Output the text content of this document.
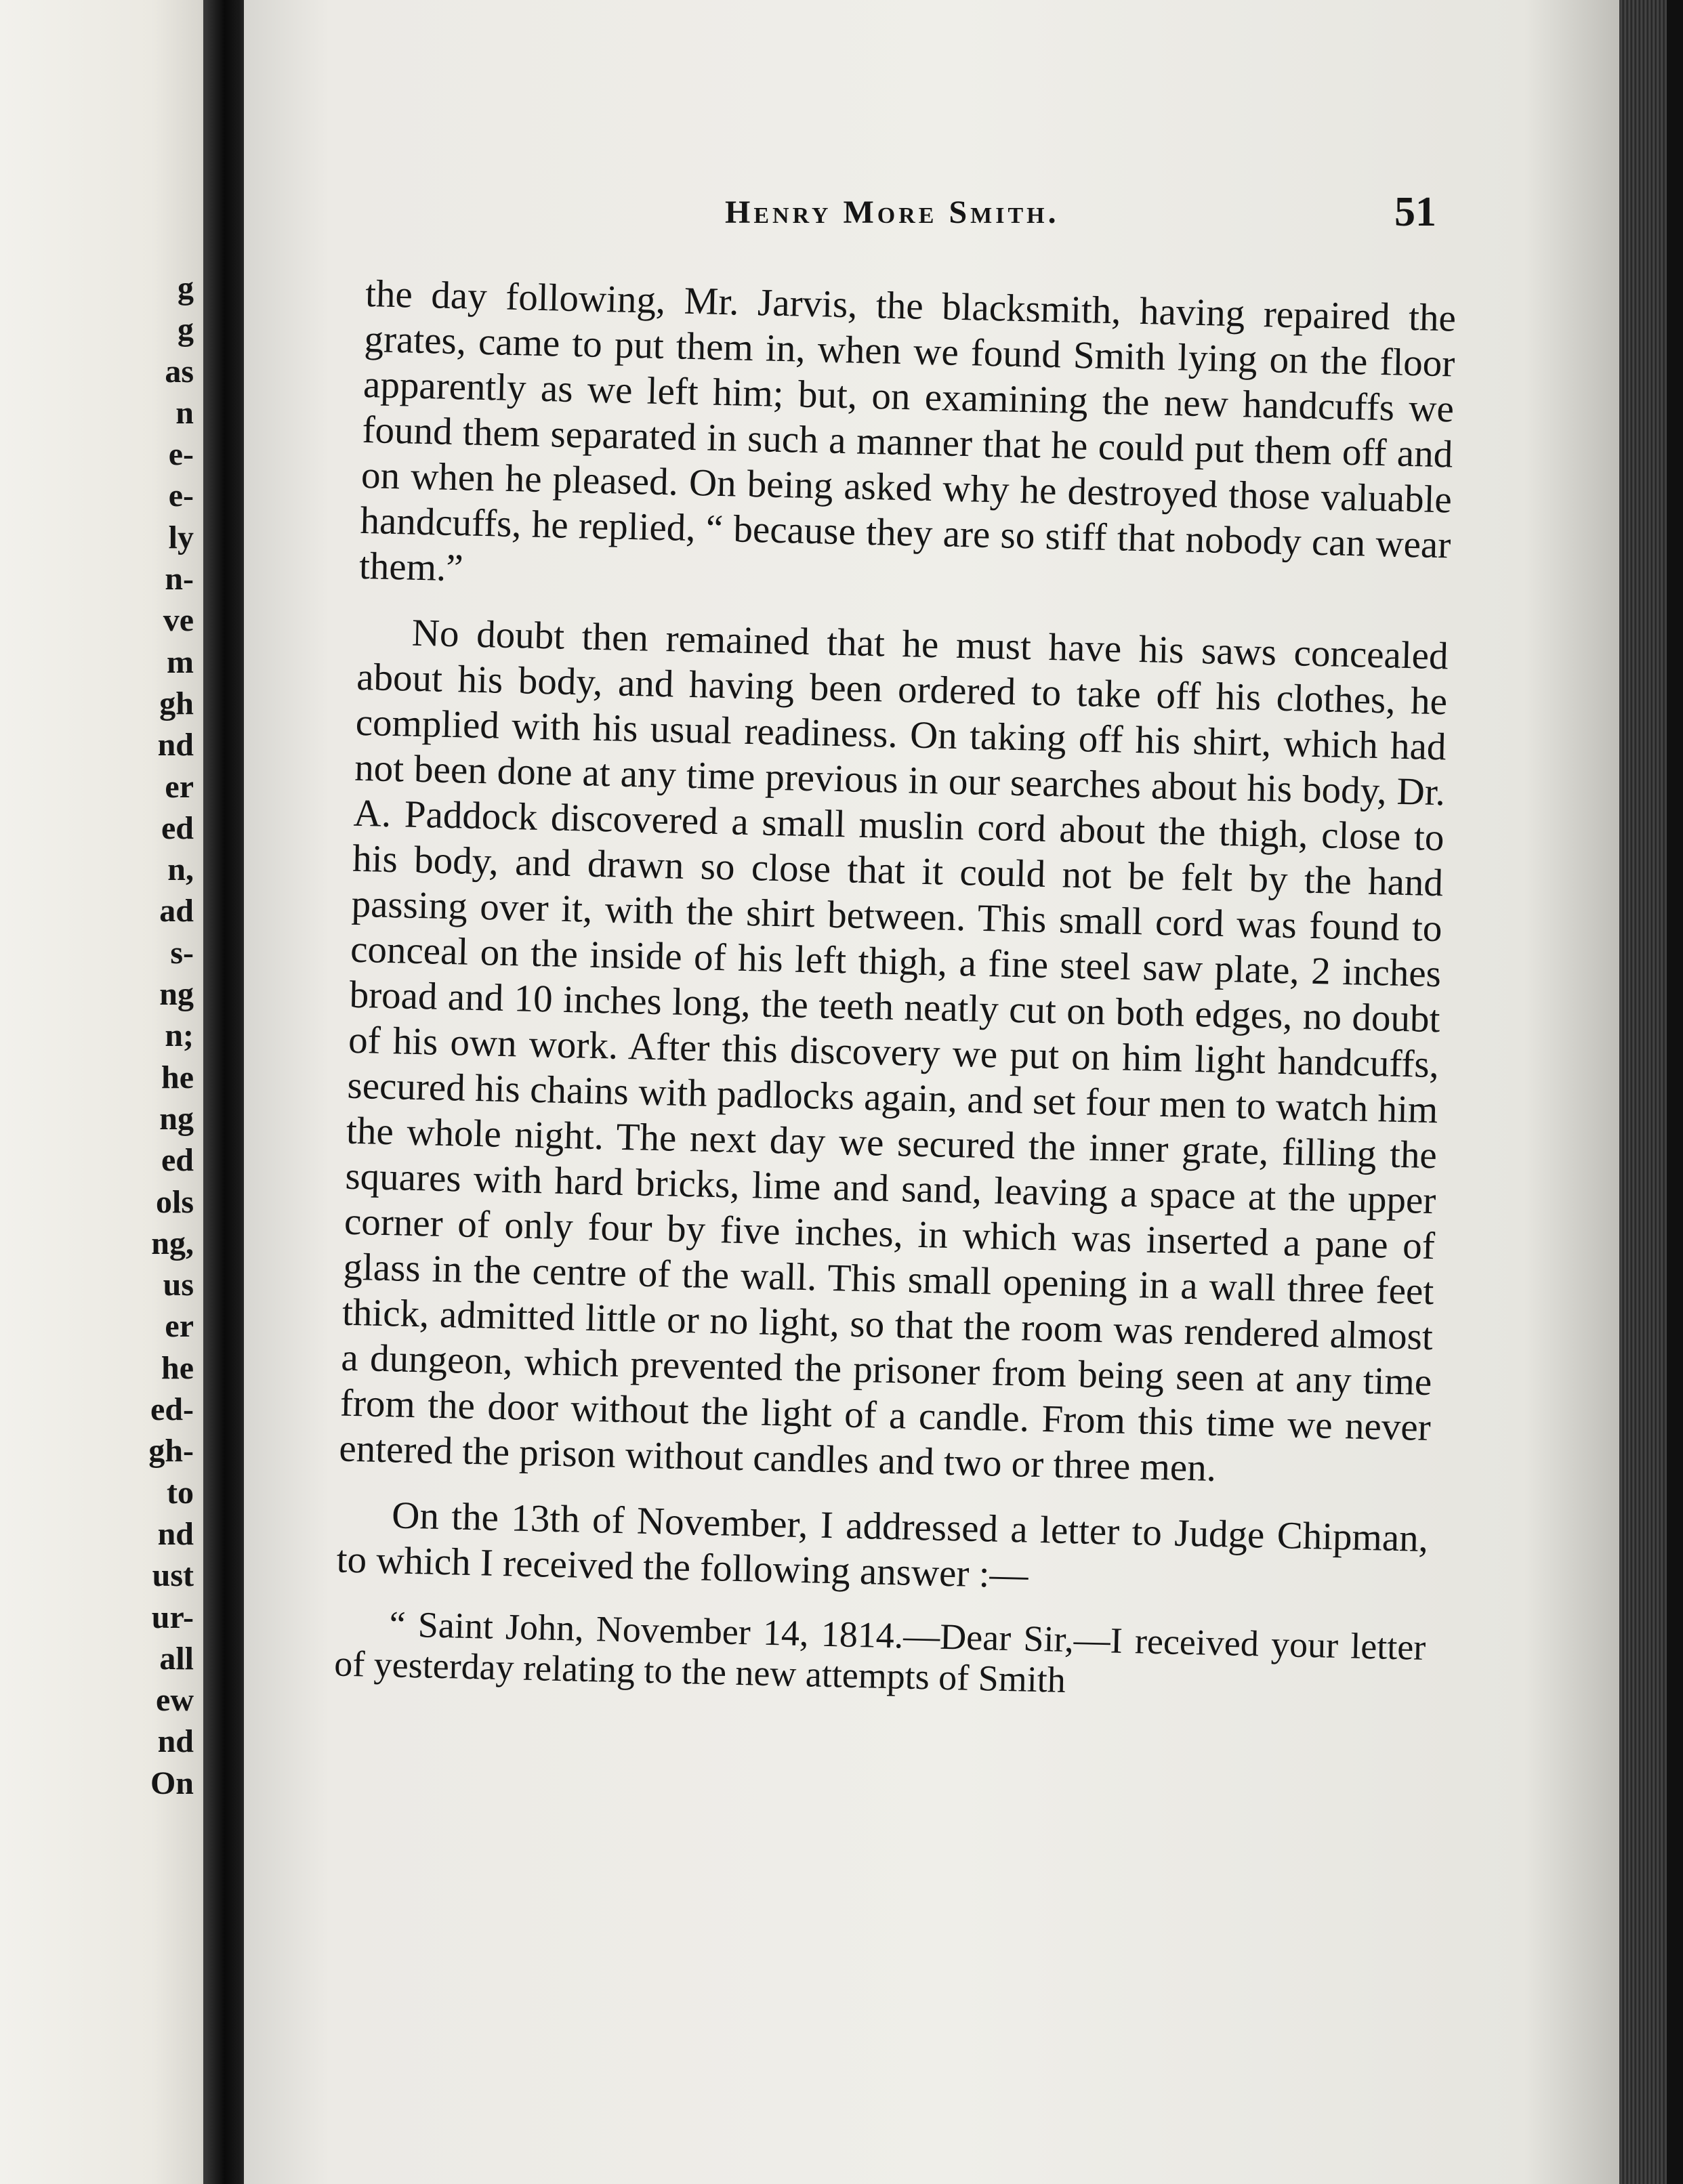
g
g
as
n
e-
e-
ly
n-
ve
m
gh
nd
er
ed
n,
ad
s-
ng
n;
he
ng
ed
ols
ng,
us
er
he
ed-
gh-
to
nd
ust
ur-
all
ew
nd
On
Henry More Smith.	51

the day following, Mr. Jarvis, the blacksmith, having repaired the grates, came to put them in, when we found Smith lying on the floor apparently as we left him; but, on examining the new handcuffs we found them separated in such a manner that he could put them off and on when he pleased. On being asked why he destroyed those valuable handcuffs, he replied, “ because they are so stiff that nobody can wear them.”

No doubt then remained that he must have his saws concealed about his body, and having been ordered to take off his clothes, he complied with his usual readiness. On taking off his shirt, which had not been done at any time previous in our searches about his body, Dr. A. Paddock discovered a small muslin cord about the thigh, close to his body, and drawn so close that it could not be felt by the hand passing over it, with the shirt between. This small cord was found to conceal on the inside of his left thigh, a fine steel saw plate, 2 inches broad and 10 inches long, the teeth neatly cut on both edges, no doubt of his own work. After this discovery we put on him light handcuffs, secured his chains with padlocks again, and set four men to watch him the whole night. The next day we secured the inner grate, filling the squares with hard bricks, lime and sand, leaving a space at the upper corner of only four by five inches, in which was inserted a pane of glass in the centre of the wall. This small opening in a wall three feet thick, admitted little or no light, so that the room was rendered almost a dungeon, which prevented the prisoner from being seen at any time from the door without the light of a candle. From this time we never entered the prison without candles and two or three men.

On the 13th of November, I addressed a letter to Judge Chipman, to which I received the following answer :—

“ Saint John, November 14, 1814.—Dear Sir,—I received your letter of yesterday relating to the new attempts of Smith
